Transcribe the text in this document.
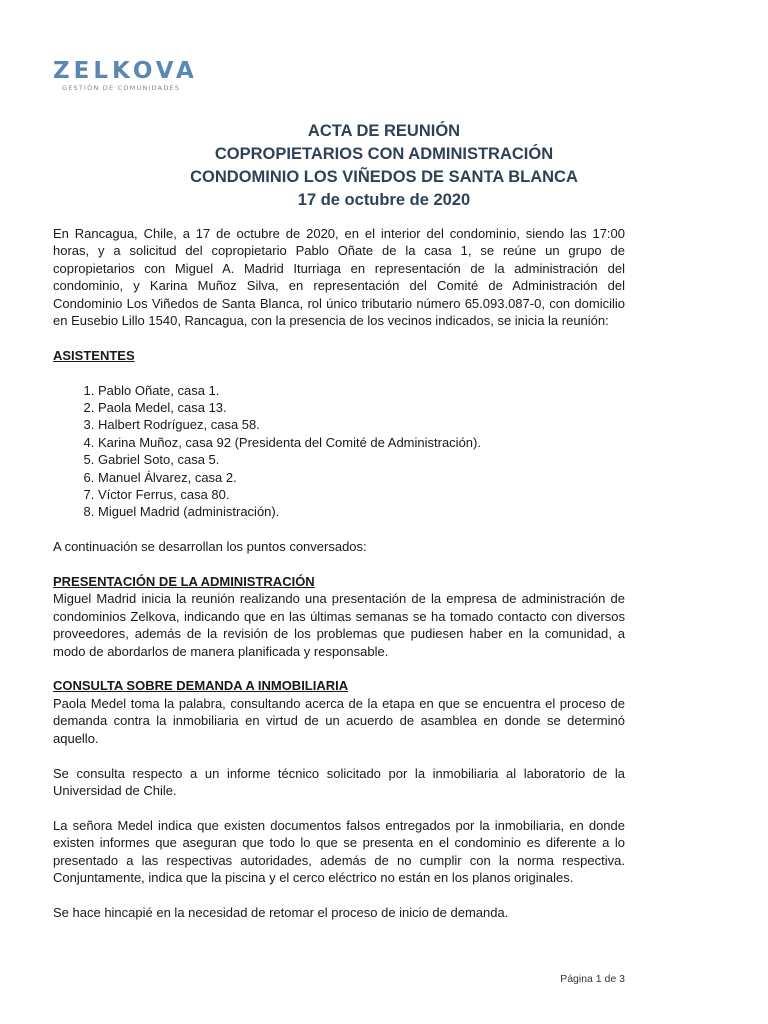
ZELKOVA
GESTIÓN DE COMUNIDADES
ACTA DE REUNIÓN
COPROPIETARIOS CON ADMINISTRACIÓN
CONDOMINIO LOS VIÑEDOS DE SANTA BLANCA
17 de octubre de 2020

En Rancagua, Chile, a 17 de octubre de 2020, en el interior del condominio, siendo las 17:00 horas, y a solicitud del copropietario Pablo Oñate de la casa 1, se reúne un grupo de copropietarios con Miguel A. Madrid Iturriaga en representación de la administración del condominio, y Karina Muñoz Silva, en representación del Comité de Administración del Condominio Los Viñedos de Santa Blanca, rol único tributario número 65.093.087-0, con domicilio en Eusebio Lillo 1540, Rancagua, con la presencia de los vecinos indicados, se inicia la reunión:

ASISTENTES

1. Pablo Oñate, casa 1.
2. Paola Medel, casa 13.
3. Halbert Rodríguez, casa 58.
4. Karina Muñoz, casa 92 (Presidenta del Comité de Administración).
5. Gabriel Soto, casa 5.
6. Manuel Álvarez, casa 2.
7. Víctor Ferrus, casa 80.
8. Miguel Madrid (administración).

A continuación se desarrollan los puntos conversados:

PRESENTACIÓN DE LA ADMINISTRACIÓN

Miguel Madrid inicia la reunión realizando una presentación de la empresa de administración de condominios Zelkova, indicando que en las últimas semanas se ha tomado contacto con diversos proveedores, además de la revisión de los problemas que pudiesen haber en la comunidad, a modo de abordarlos de manera planificada y responsable.

CONSULTA SOBRE DEMANDA A INMOBILIARIA

Paola Medel toma la palabra, consultando acerca de la etapa en que se encuentra el proceso de demanda contra la inmobiliaria en virtud de un acuerdo de asamblea en donde se determinó aquello.

Se consulta respecto a un informe técnico solicitado por la inmobiliaria al laboratorio de la Universidad de Chile.

La señora Medel indica que existen documentos falsos entregados por la inmobiliaria, en donde existen informes que aseguran que todo lo que se presenta en el condominio es diferente a lo presentado a las respectivas autoridades, además de no cumplir con la norma respectiva. Conjuntamente, indica que la piscina y el cerco eléctrico no están en los planos originales.

Se hace hincapié en la necesidad de retomar el proceso de inicio de demanda.

Página 1 de 3
